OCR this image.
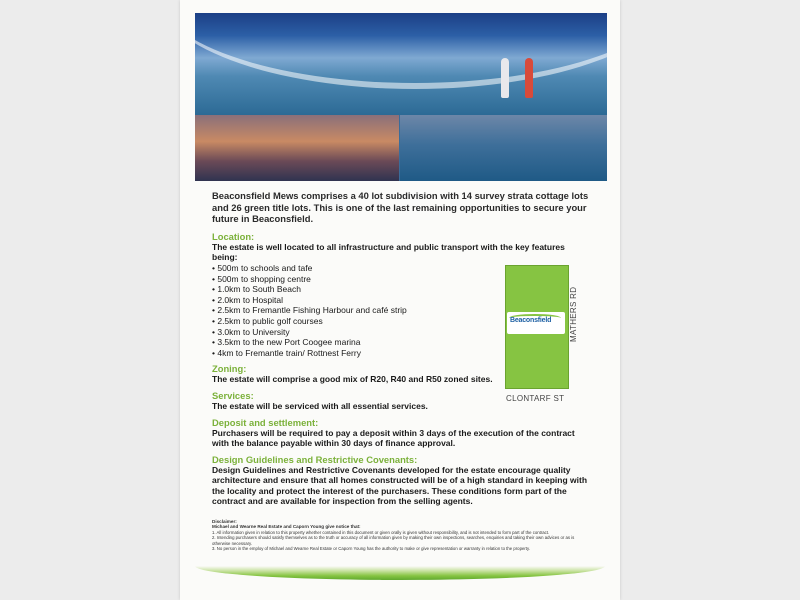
Beaconsfield Mews comprises a 40 lot subdivision with 14 survey strata cottage lots and 26 green title lots. This is one of the last remaining opportunities to secure your future in Beaconsfield.

Location:

The estate is well located to all infrastructure and public transport with the key features being:

• 500m to schools and tafe
• 500m to shopping centre
• 1.0km to South Beach
• 2.0km to Hospital
• 2.5km to Fremantle Fishing Harbour and café strip
• 2.5km to public golf courses
• 3.0km to University
• 3.5km to the new Port Coogee marina
• 4km to Fremantle train/ Rottnest Ferry
Zoning:

The estate will comprise a good mix of R20, R40 and R50 zoned sites.

Services:

The estate will be serviced with all essential services.

Deposit and settlement:

Purchasers will be required to pay a deposit within 3 days of the execution of the contract with the balance payable within 30 days of finance approval.

Design Guidelines and Restrictive Covenants:

Design Guidelines and Restrictive Covenants developed for the estate encourage quality architecture and ensure that all homes constructed will be of a high standard in keeping with the locality and protect the interest of the purchasers. These conditions form part of the contract and are available for inspection from the selling agents.

Disclaimer:
Michael and Wearne Real Estate and Caporn Young give notice that:
1. All information given in relation to this property whether contained in this document or given orally is given without responsibility, and is not intended to form part of the contract.
2. Intending purchasers should satisfy themselves as to the truth or accuracy of all information given by making their own inspections, searches, enquiries and taking their own advices or as is otherwise necessary.
3. No person in the employ of Michael and Wearne Real Estate or Caporn Young has the authority to make or give representation or warranty in relation to the property.
Beaconsfield MATHERS RD
CLONTARF ST
